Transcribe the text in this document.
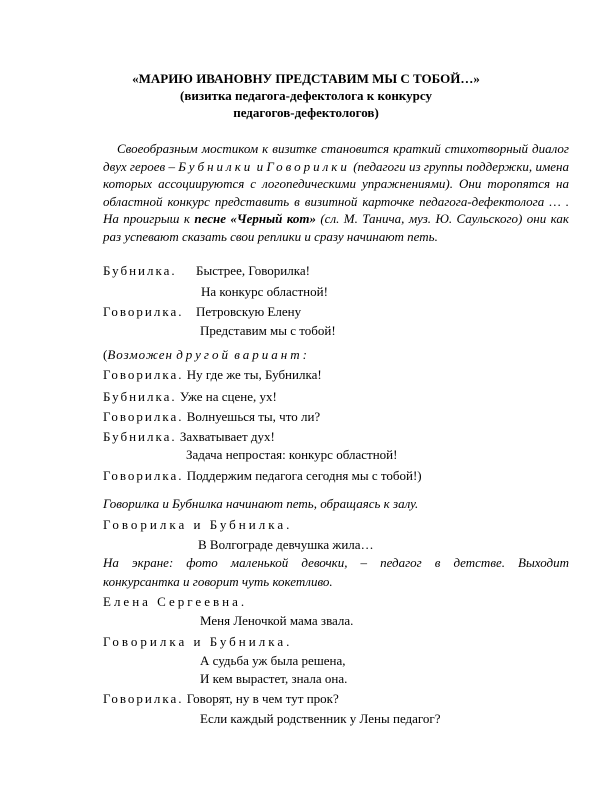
«МАРИЮ ИВАНОВНУ ПРЕДСТАВИМ МЫ С ТОБОЙ…»
(визитка педагога-дефектолога к конкурсу
педагогов-дефектологов)
Своеобразным мостиком к визитке становится краткий стихотворный диалог двух героев – Бубнилки и Говорилки (педагоги из группы поддержки, имена которых ассоциируются с логопедическими упражнениями). Они торопятся на областной конкурс представить в визитной карточке педагога-дефектолога … . На проигрыш к песне «Черный кот» (сл. М. Танича, муз. Ю. Саульского) они как раз успевают сказать свои реплики и сразу начинают петь.
Бубнилка. Быстрее, Говорилка!
На конкурс областной!
Говорилка. Петровскую Елену
Представим мы с тобой!
(Возможен другой вариант:
Говорилка. Ну где же ты, Бубнилка!
Бубнилка. Уже на сцене, ух!
Говорилка. Волнуешься ты, что ли?
Бубнилка. Захватывает дух!
Задача непростая: конкурс областной!
Говорилка. Поддержим педагога сегодня мы с тобой!)
Говорилка и Бубнилка начинают петь, обращаясь к залу.
Говорилка и Бубнилка.
В Волгограде девчушка жила…
На экране: фото маленькой девочки, – педагог в детстве. Выходит
конкурсантка и говорит чуть кокетливо.
Елена Сергеевна.
Меня Леночкой мама звала.
Говорилка и Бубнилка.
А судьба уж была решена,
И кем вырастет, знала она.
Говорилка. Говорят, ну в чем тут прок?
Если каждый родственник у Лены педагог?
